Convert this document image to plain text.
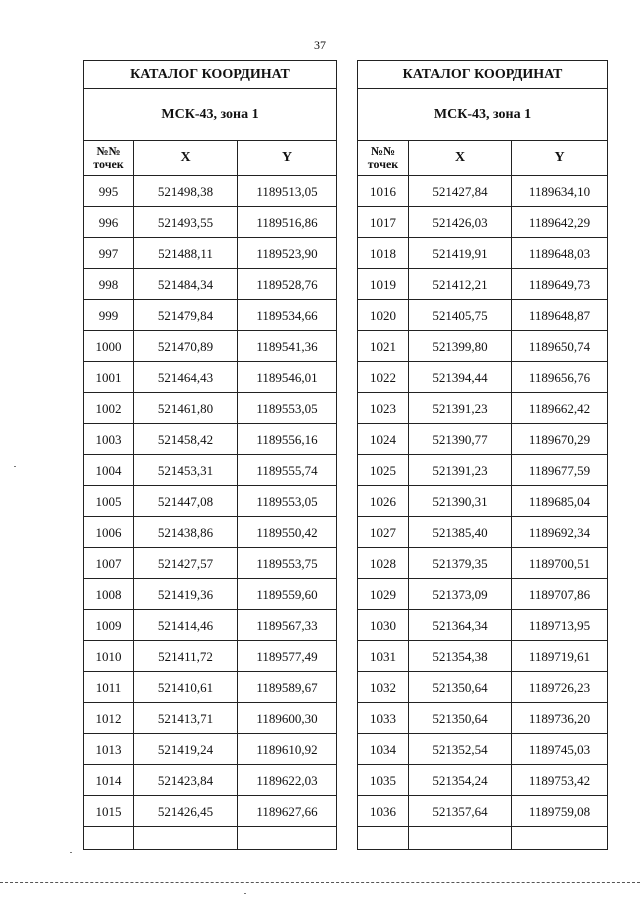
37
КАТАЛОГ КООРДИНАТ		
МСК-43, зона 1		
№№ точек	X	Y
995	521498,38	1189513,05
996	521493,55	1189516,86
997	521488,11	1189523,90
998	521484,34	1189528,76
999	521479,84	1189534,66
1000	521470,89	1189541,36
1001	521464,43	1189546,01
1002	521461,80	1189553,05
1003	521458,42	1189556,16
1004	521453,31	1189555,74
1005	521447,08	1189553,05
1006	521438,86	1189550,42
1007	521427,57	1189553,75
1008	521419,36	1189559,60
1009	521414,46	1189567,33
1010	521411,72	1189577,49
1011	521410,61	1189589,67
1012	521413,71	1189600,30
1013	521419,24	1189610,92
1014	521423,84	1189622,03
1015	521426,45	1189627,66

КАТАЛОГ КООРДИНАТ		
МСК-43, зона 1		
№№ точек	X	Y
1016	521427,84	1189634,10
1017	521426,03	1189642,29
1018	521419,91	1189648,03
1019	521412,21	1189649,73
1020	521405,75	1189648,87
1021	521399,80	1189650,74
1022	521394,44	1189656,76
1023	521391,23	1189662,42
1024	521390,77	1189670,29
1025	521391,23	1189677,59
1026	521390,31	1189685,04
1027	521385,40	1189692,34
1028	521379,35	1189700,51
1029	521373,09	1189707,86
1030	521364,34	1189713,95
1031	521354,38	1189719,61
1032	521350,64	1189726,23
1033	521350,64	1189736,20
1034	521352,54	1189745,03
1035	521354,24	1189753,42
1036	521357,64	1189759,08
